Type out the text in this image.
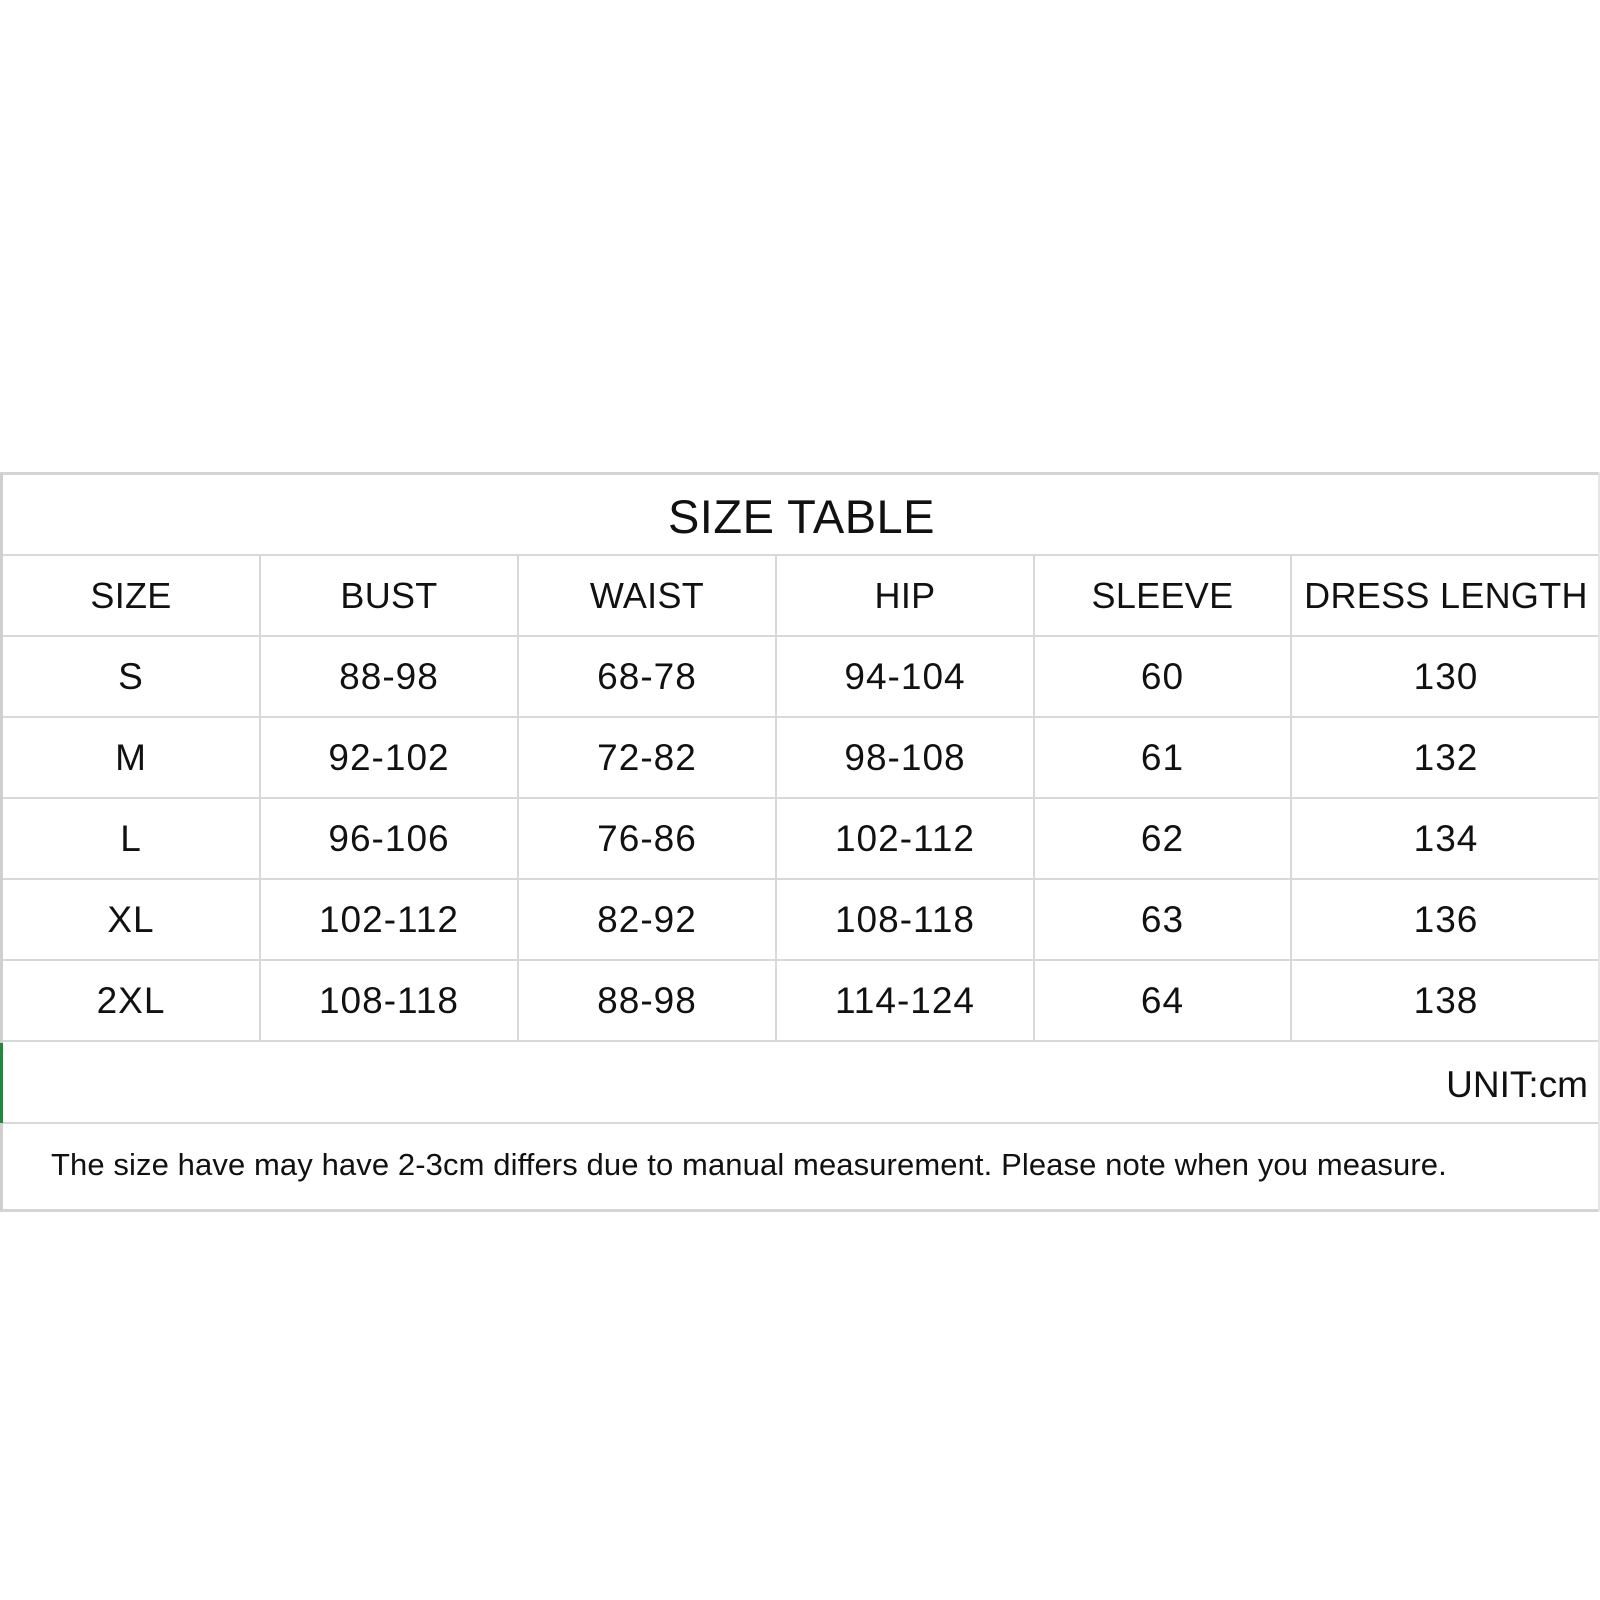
SIZE TABLE
SIZE	BUST	WAIST	HIP	SLEEVE	DRESS LENGTH
S	88-98	68-78	94-104	60	130
M	92-102	72-82	98-108	61	132
L	96-106	76-86	102-112	62	134
XL	102-112	82-92	108-118	63	136
2XL	108-118	88-98	114-124	64	138
UNIT:cm
The size have may have 2-3cm differs due to manual measurement. Please note when you measure.
